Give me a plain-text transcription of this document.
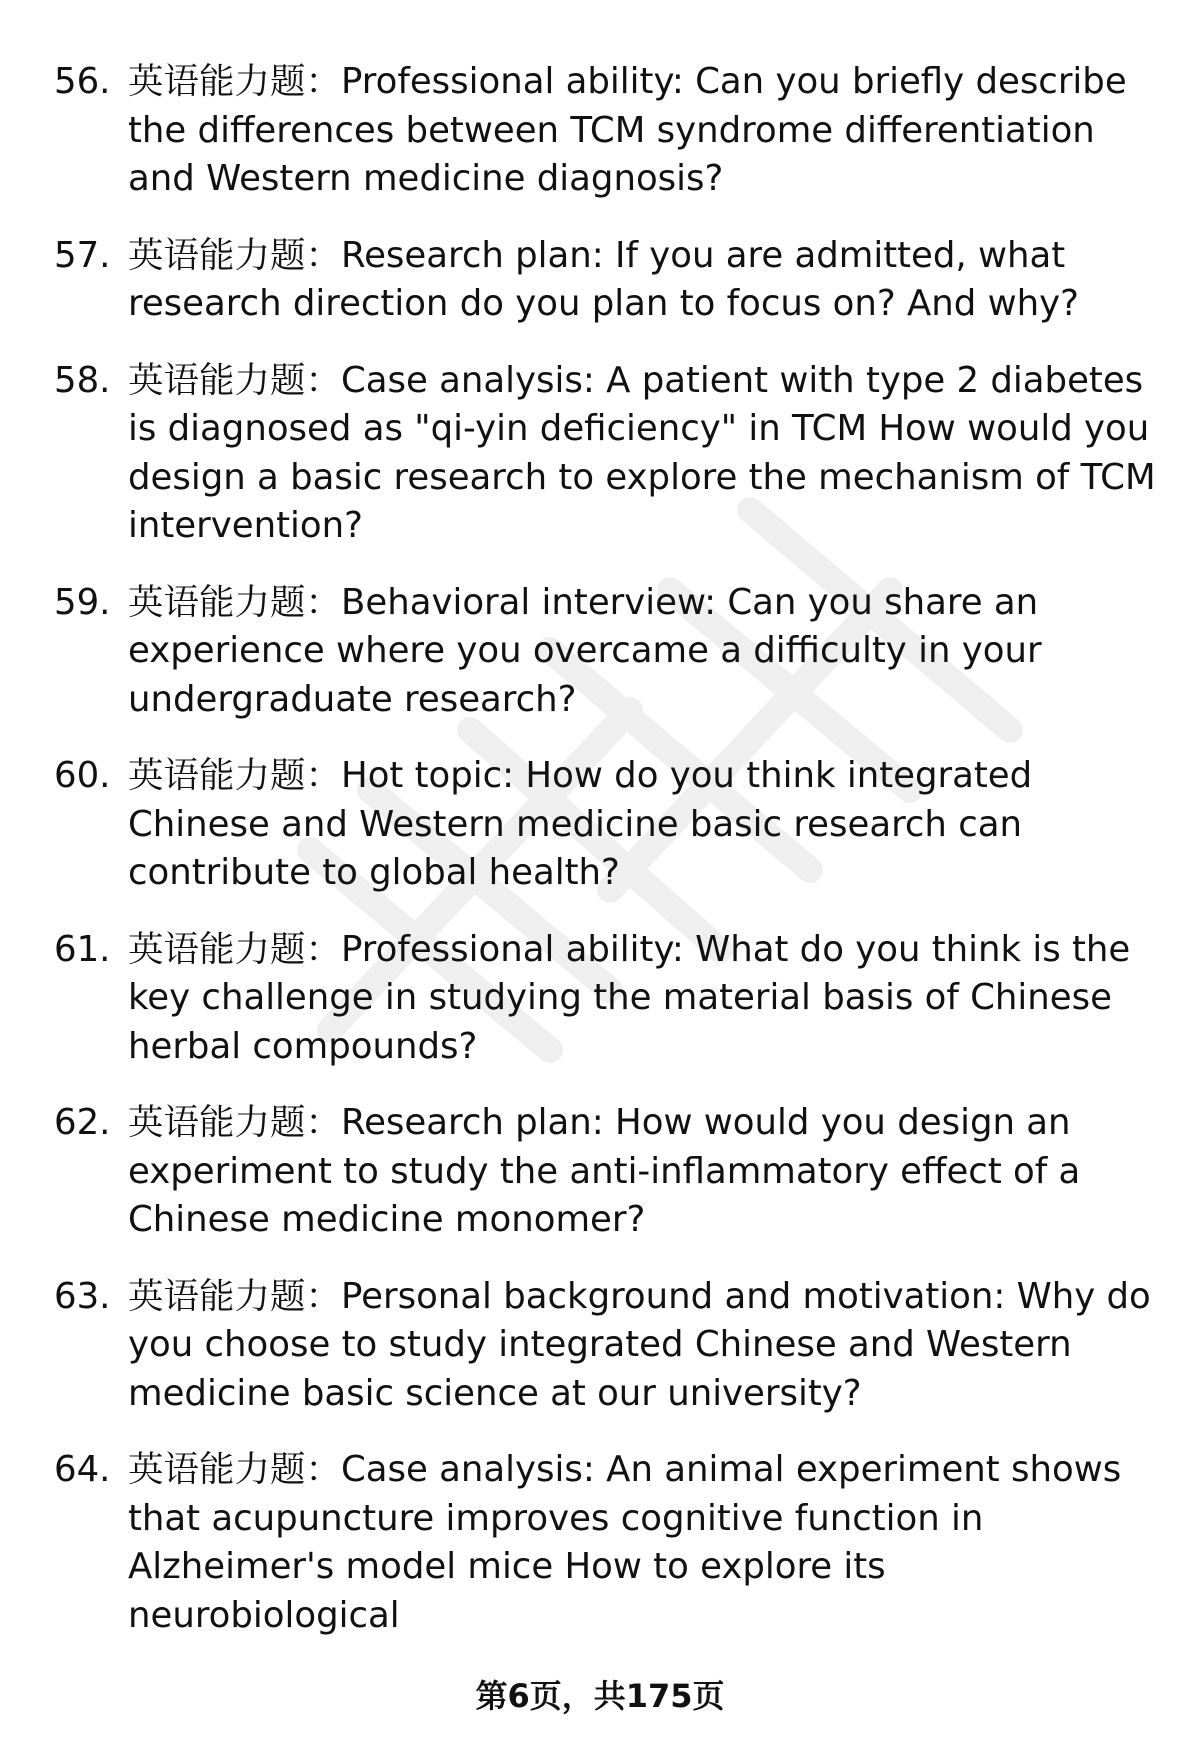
56. 英语能力题：Professional ability: Can you briefly describe the differences between TCM syndrome differentiation and Western medicine diagnosis?
57. 英语能力题：Research plan: If you are admitted, what research direction do you plan to focus on? And why?
58. 英语能力题：Case analysis: A patient with type 2 diabetes is diagnosed as "qi-yin deficiency" in TCM How would you design a basic research to explore the mechanism of TCM intervention?
59. 英语能力题：Behavioral interview: Can you share an experience where you overcame a difficulty in your undergraduate research?
60. 英语能力题：Hot topic: How do you think integrated Chinese and Western medicine basic research can contribute to global health?
61. 英语能力题：Professional ability: What do you think is the key challenge in studying the material basis of Chinese herbal compounds?
62. 英语能力题：Research plan: How would you design an experiment to study the anti-inflammatory effect of a Chinese medicine monomer?
63. 英语能力题：Personal background and motivation: Why do you choose to study integrated Chinese and Western medicine basic science at our university?
64. 英语能力题：Case analysis: An animal experiment shows that acupuncture improves cognitive function in Alzheimer's model mice How to explore its neurobiological
第6页，共175页
